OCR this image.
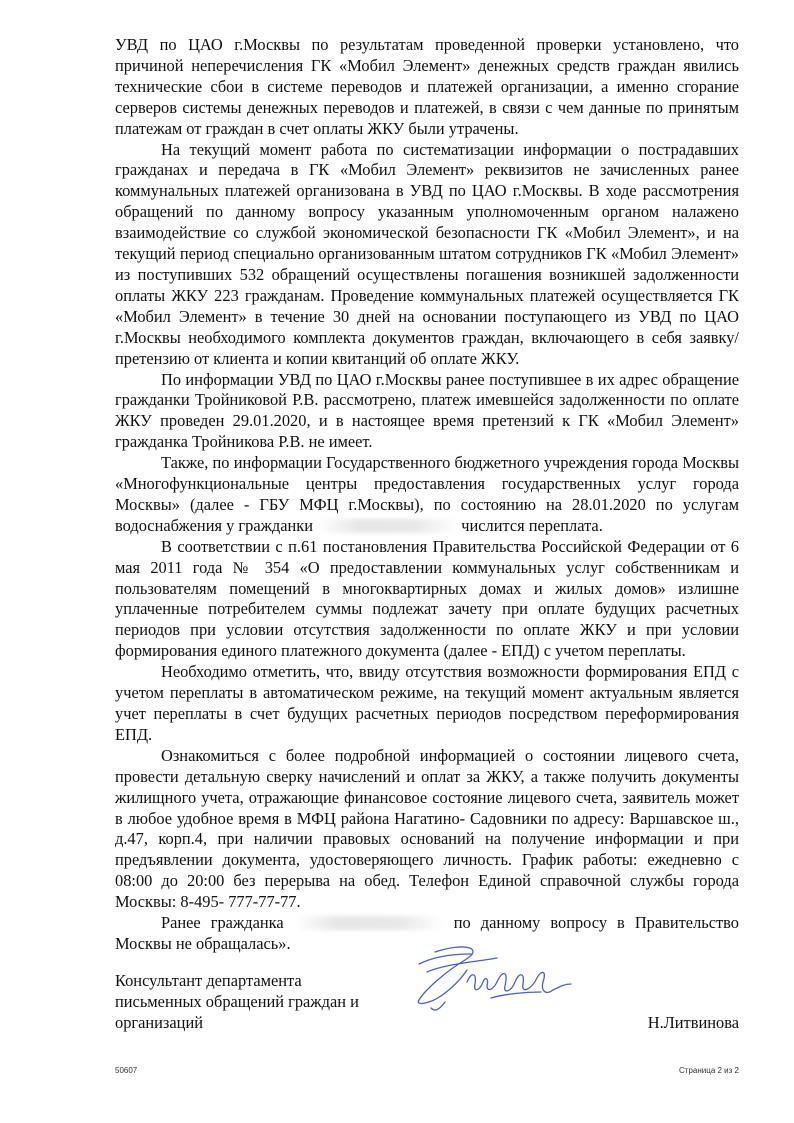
УВД по ЦАО г.Москвы по результатам проведенной проверки установлено, что причиной неперечисления ГК «Мобил Элемент» денежных средств граждан явились технические сбои в системе переводов и платежей организации, а именно сгорание серверов системы денежных переводов и платежей, в связи с чем данные по принятым платежам от граждан в счет оплаты ЖКУ были утрачены.

На текущий момент работа по систематизации информации о пострадавших гражданах и передача в ГК «Мобил Элемент» реквизитов не зачисленных ранее коммунальных платежей организована в УВД по ЦАО г.Москвы. В ходе рассмотрения обращений по данному вопросу указанным уполномоченным органом налажено взаимодействие со службой экономической безопасности ГК «Мобил Элемент», и на текущий период специально организованным штатом сотрудников ГК «Мобил Элемент» из поступивших 532 обращений осуществлены погашения возникшей задолженности оплаты ЖКУ 223 гражданам. Проведение коммунальных платежей осуществляется ГК «Мобил Элемент» в течение 30 дней на основании поступающего из УВД по ЦАО г.Москвы необходимого комплекта документов граждан, включающего в себя заявку/претензию от клиента и копии квитанций об оплате ЖКУ.

По информации УВД по ЦАО г.Москвы ранее поступившее в их адрес обращение гражданки Тройниковой Р.В. рассмотрено, платеж имевшейся задолженности по оплате ЖКУ проведен 29.01.2020, и в настоящее время претензий к ГК «Мобил Элемент» гражданка Тройникова Р.В. не имеет.

Также, по информации Государственного бюджетного учреждения города Москвы «Многофункциональные центры предоставления государственных услуг города Москвы» (далее - ГБУ МФЦ г.Москвы), по состоянию на 28.01.2020 по услугам водоснабжения у гражданки	числится переплата.

В соответствии с п.61 постановления Правительства Российской Федерации от 6 мая 2011 года № 354 «О предоставлении коммунальных услуг собственникам и пользователям помещений в многоквартирных домах и жилых домов» излишне уплаченные потребителем суммы подлежат зачету при оплате будущих расчетных периодов при условии отсутствия задолженности по оплате ЖКУ и при условии формирования единого платежного документа (далее - ЕПД) с учетом переплаты.

Необходимо отметить, что, ввиду отсутствия возможности формирования ЕПД с учетом переплаты в автоматическом режиме, на текущий момент актуальным является учет переплаты в счет будущих расчетных периодов посредством переформирования ЕПД.

Ознакомиться с более подробной информацией о состоянии лицевого счета, провести детальную сверку начислений и оплат за ЖКУ, а также получить документы жилищного учета, отражающие финансовое состояние лицевого счета, заявитель может в любое удобное время в МФЦ района Нагатино- Садовники по адресу: Варшавское ш., д.47, корп.4, при наличии правовых оснований на получение информации и при предъявлении документа, удостоверяющего личность. График работы: ежедневно с 08:00 до 20:00 без перерыва на обед. Телефон Единой справочной службы города Москвы: 8-495- 777-77-77.

Ранее гражданка	по данному вопросу в Правительство Москвы не обращалась».

Консультант департамента
письменных обращений граждан и
организаций	Н.Литвинова
50607	Страница 2 из 2
